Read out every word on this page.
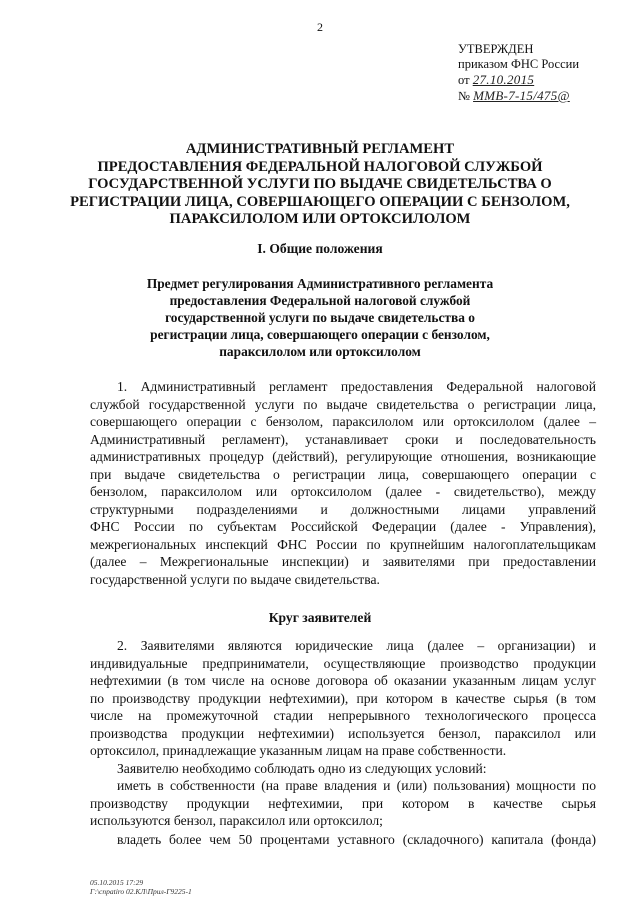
2
УТВЕРЖДЕН
приказом ФНС России
от 27.10.2015
№ ММВ-7-15/475@
АДМИНИСТРАТИВНЫЙ РЕГЛАМЕНТ
ПРЕДОСТАВЛЕНИЯ ФЕДЕРАЛЬНОЙ НАЛОГОВОЙ СЛУЖБОЙ
ГОСУДАРСТВЕННОЙ УСЛУГИ ПО ВЫДАЧЕ СВИДЕТЕЛЬСТВА О
РЕГИСТРАЦИИ ЛИЦА, СОВЕРШАЮЩЕГО ОПЕРАЦИИ С БЕНЗОЛОМ,
ПАРАКСИЛОЛОМ ИЛИ ОРТОКСИЛОЛОМ
I. Общие положения
Предмет регулирования Административного регламента
предоставления Федеральной налоговой службой
государственной услуги по выдаче свидетельства о
регистрации лица, совершающего операции с бензолом,
параксилолом или ортоксилолом
1. Административный регламент предоставления Федеральной налоговой
службой государственной услуги по выдаче свидетельства о регистрации лица,
совершающего операции с бензолом, параксилолом или ортоксилолом (далее –
Административный регламент), устанавливает сроки и последовательность
административных процедур (действий), регулирующие отношения, возникающие
при выдаче свидетельства о регистрации лица, совершающего операции с
бензолом, параксилолом или ортоксилолом (далее - свидетельство), между
структурными подразделениями и должностными лицами управлений
ФНС России по субъектам Российской Федерации (далее - Управления),
межрегиональных инспекций ФНС России по крупнейшим налогоплательщикам
(далее – Межрегиональные инспекции) и заявителями при предоставлении
государственной услуги по выдаче свидетельства.
Круг заявителей
2. Заявителями являются юридические лица (далее – организации) и
индивидуальные предприниматели, осуществляющие производство продукции
нефтехимии (в том числе на основе договора об оказании указанным лицам услуг
по производству продукции нефтехимии), при котором в качестве сырья (в том
числе на промежуточной стадии непрерывного технологического процесса
производства продукции нефтехимии) используется бензол, параксилол или
ортоксилол, принадлежащие указанным лицам на праве собственности.
Заявителю необходимо соблюдать одно из следующих условий:
иметь в собственности (на праве владения и (или) пользования) мощности по
производству продукции нефтехимии, при котором в качестве сырья
используются бензол, параксилол или ортоксилол;
владеть более чем 50 процентами уставного (складочного) капитала (фонда)
05.10.2015 17:29
Г:\cnpatiro 02.КЛ\Прил-Г9225-1
